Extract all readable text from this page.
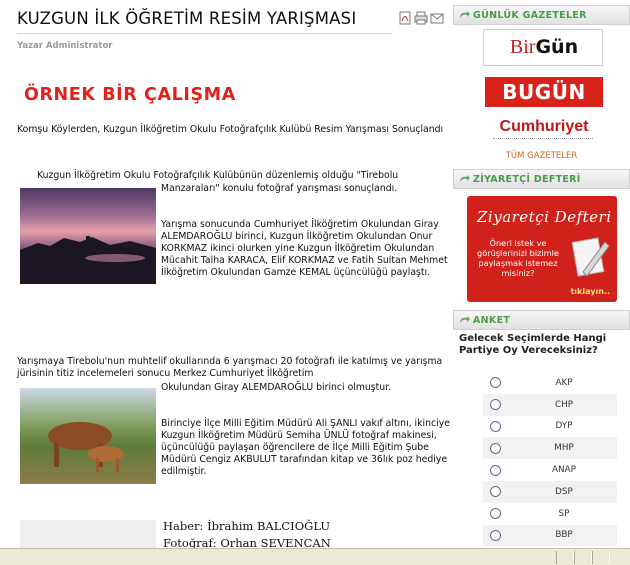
KUZGUN İLK ÖĞRETİM RESİM YARIŞMASI
Yazar Administrator
ÖRNEK BİR ÇALIŞMA
Komşu Köylerden, Kuzgun İlköğretim Okulu Fotoğrafçılık Kulübü Resim Yarışması Sonuçlandı
Kuzgun İlköğretim Okulu Fotoğrafçılık Kulübünün düzenlemiş olduğu "Tirebolu
Manzaraları" konulu fotoğraf yarışması sonuçlandı.
Yarışma sonucunda Cumhuriyet İlköğretim Okulundan Giray ALEMDAROĞLU birinci, Kuzgun İlköğretim Okulundan Onur KORKMAZ ikinci olurken yine Kuzgun İlköğretim Okulundan Mücahit Talha KARACA, Elif KORKMAZ ve Fatih Sultan Mehmet İlköğretim Okulundan Gamze KEMAL üçüncülüğü paylaştı.
Yarışmaya Tirebolu'nun muhtelif okullarında 6 yarışmacı 20 fotoğrafı ile katılmış ve yarışma jürisinin titiz incelemeleri sonucu Merkez Cumhuriyet İlköğretim
Okulundan Giray ALEMDAROĞLU birinci olmuştur.
Birinciye İlçe Milli Eğitim Müdürü Ali ŞANLI vakıf altını, ikinciye Kuzgun İlköğretim Müdürü Semiha ÜNLÜ fotoğraf makinesi, üçüncülüğü paylaşan öğrencilere de İlçe Milli Eğitim Şube Müdürü Cengiz AKBULUT tarafından kitap ve 36lık poz hediye edilmiştir.
Haber: İbrahim BALCIOĞLU
Fotoğraf: Orhan SEVENCAN
GÜNLÜK GAZETELER
Bir Gün
BUGÜN
Cumhuriyet
TÜM GAZETELER
ZİYARETÇİ DEFTERİ
Ziyaretçi Defteri
Öneri istek ve görüşlerinizi bizimle paylaşmak istemez misiniz?
tıklayın..
ANKET
Gelecek Seçimlerde Hangi Partiye Oy Vereceksiniz?
AKP
CHP
DYP
MHP
ANAP
DSP
SP
BBP
